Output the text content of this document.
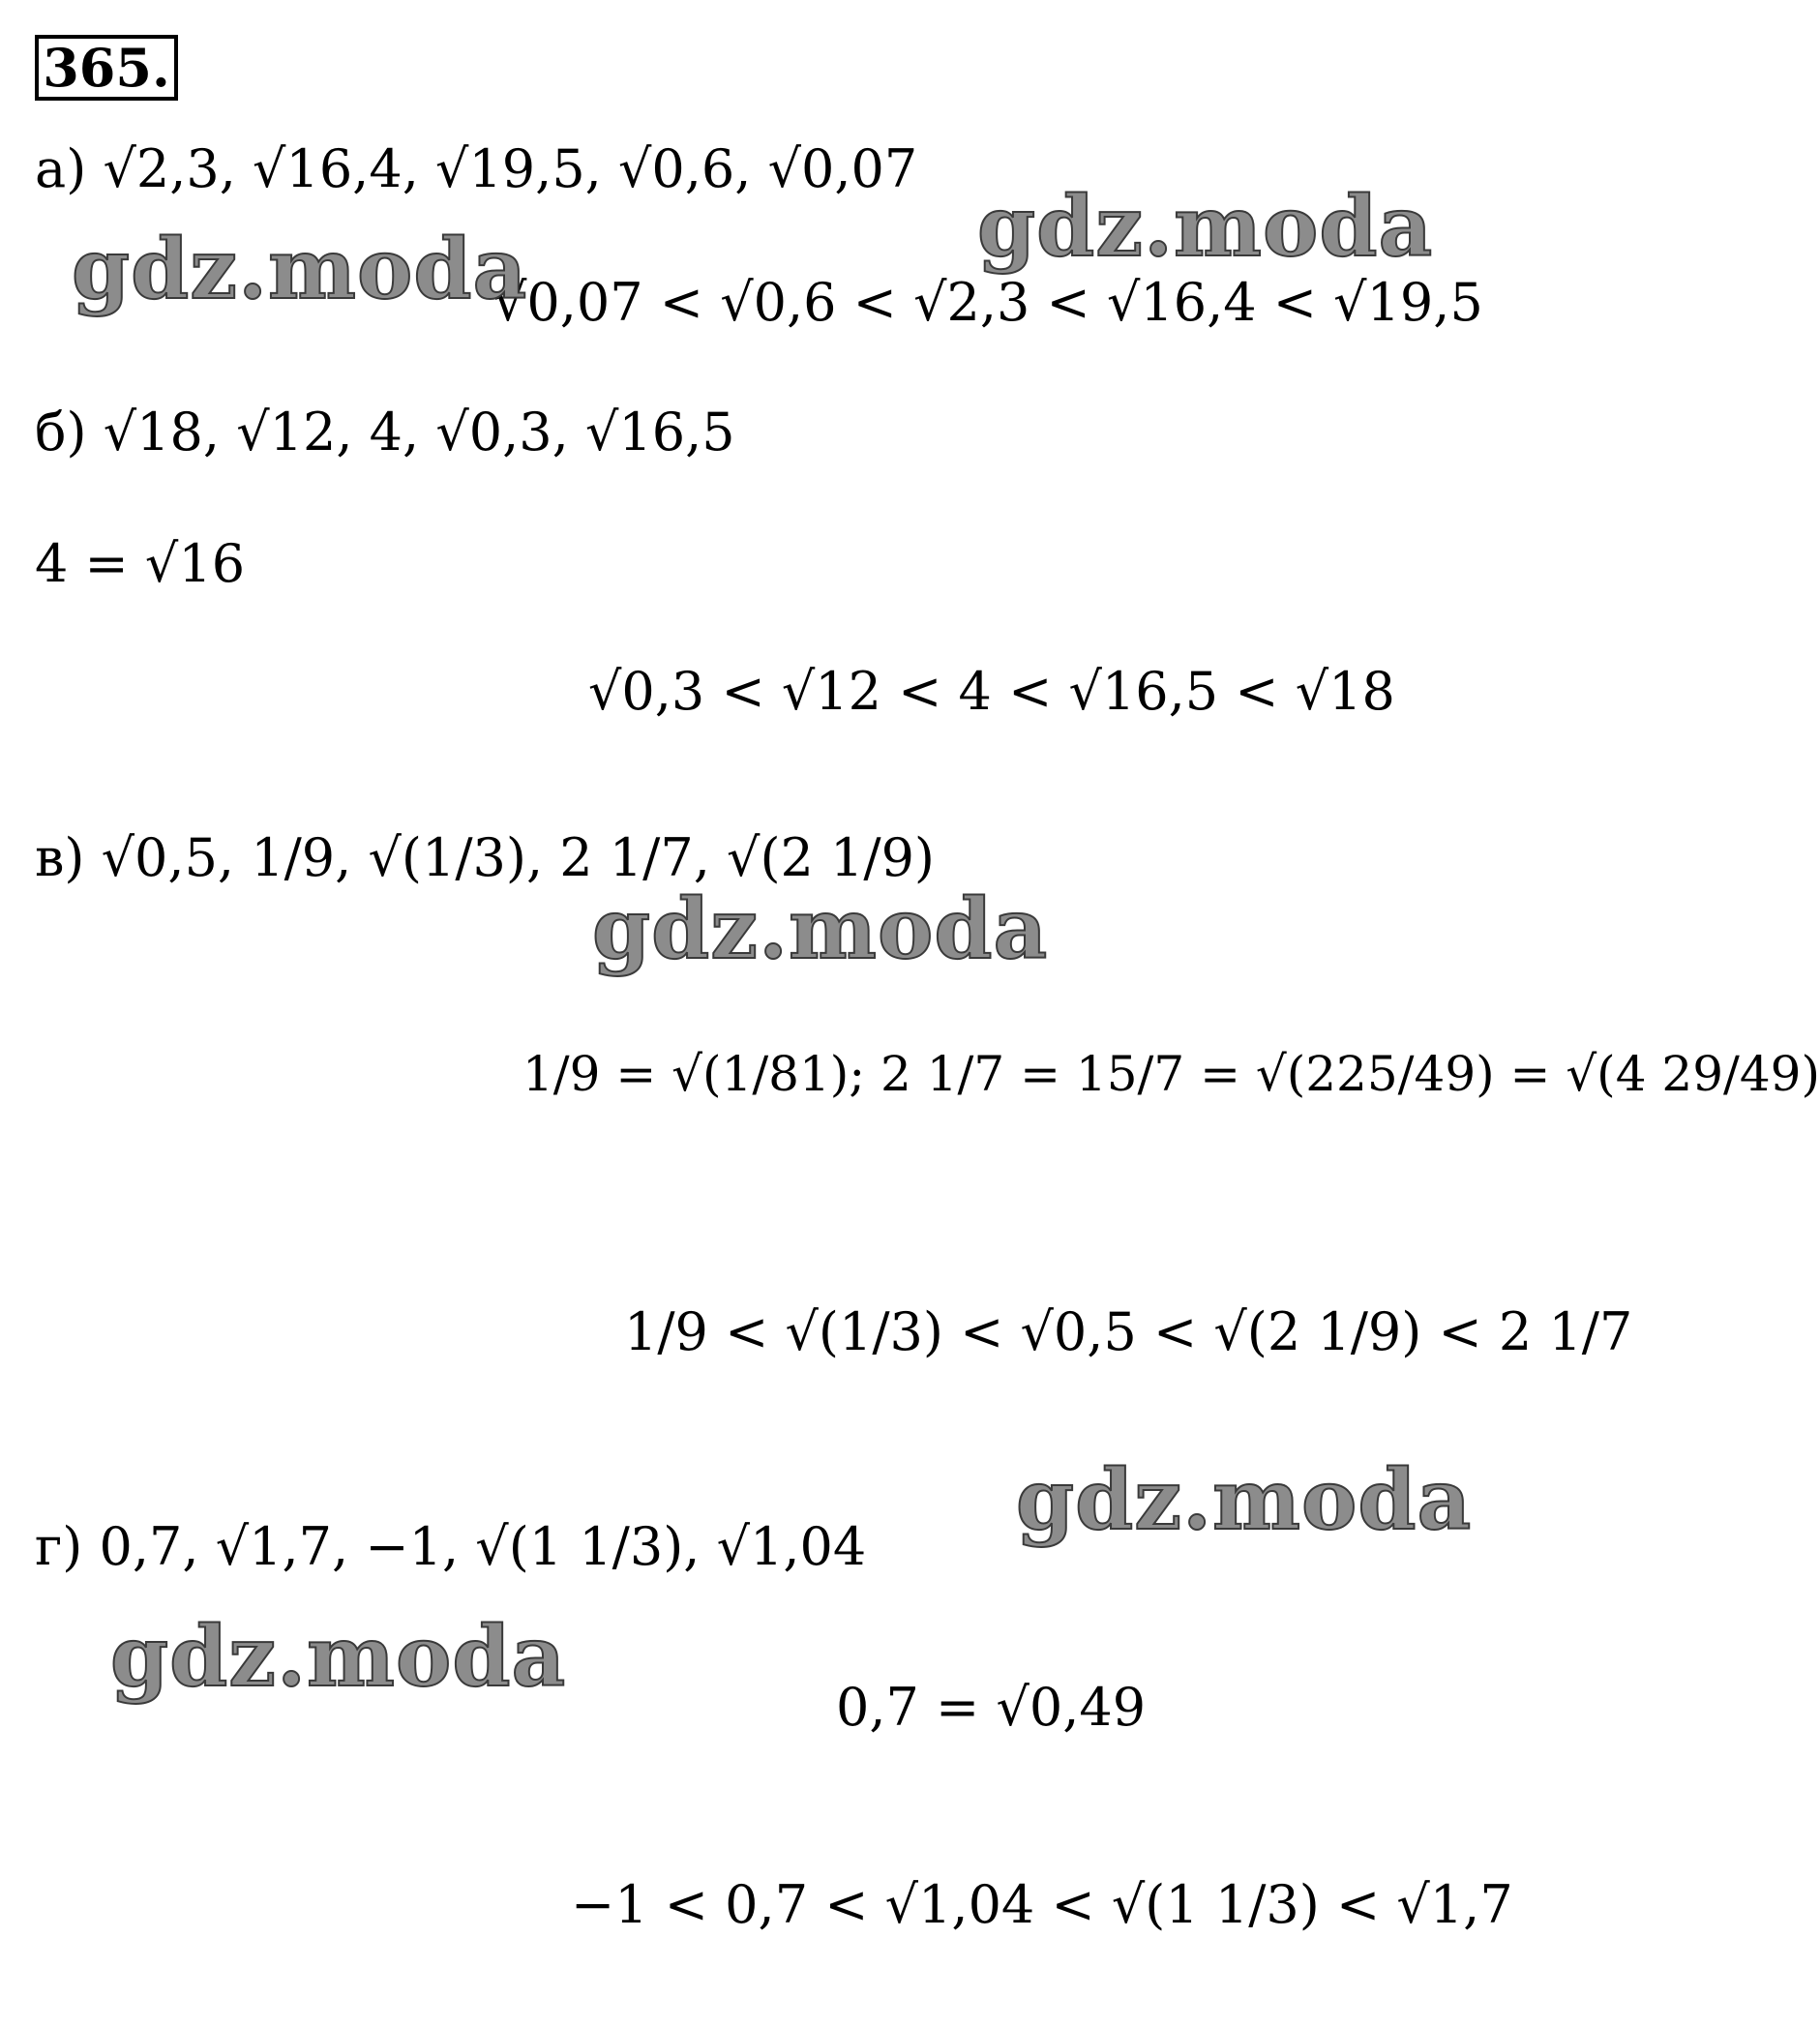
365.
а) √2,3, √16,4, √19,5, √0,6, √0,07
√0,07 < √0,6 < √2,3 < √16,4 < √19,5
б) √18, √12, 4, √0,3, √16,5
4 = √16
√0,3 < √12 < 4 < √16,5 < √18
в) √0,5, 1/9, √(1/3), 2 1/7, √(2 1/9)
1/9 = √(1/81); 2 1/7 = 15/7 = √(225/49) = √(4 29/49)
1/9 < √(1/3) < √0,5 < √(2 1/9) < 2 1/7
г) 0,7, √1,7, −1, √(1 1/3), √1,04
0,7 = √0,49
−1 < 0,7 < √1,04 < √(1 1/3) < √1,7
gdz.moda	gdz.moda
gdz.moda
gdz.moda
gdz.moda
